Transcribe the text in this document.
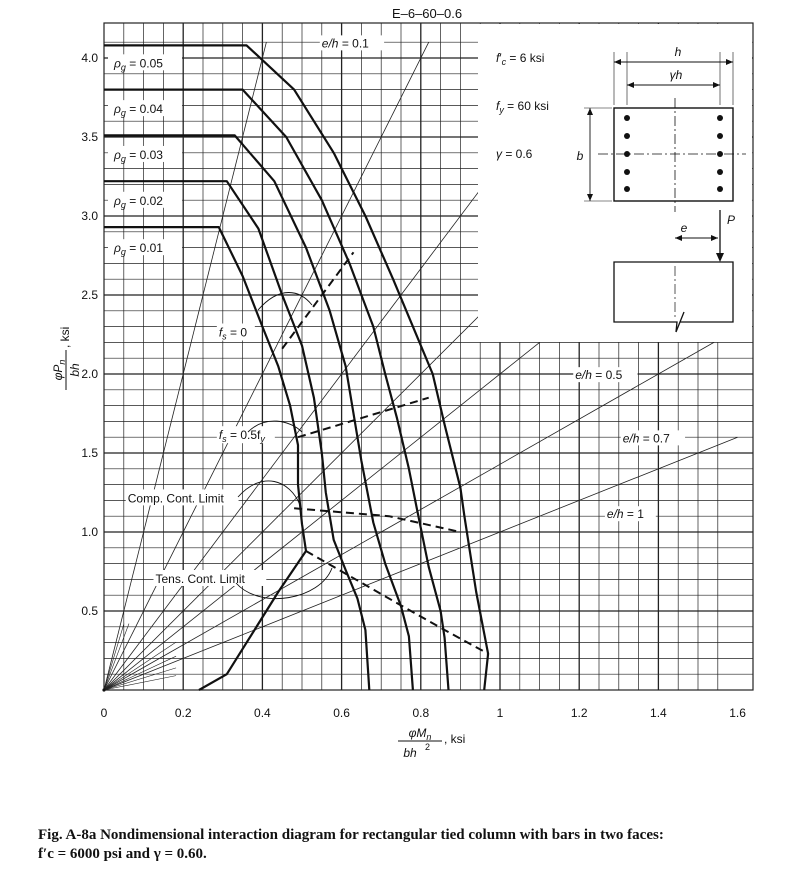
0	0.2	0.4	0.6	0.8	1	1.2	1.4	1.6
0.5
1.0
1.5
2.0
2.5
3.0
3.5
4.0
$\varphi M_n$
bh 2
, ksi
$\varphi P_n$
bh
, ksi
E–6–60–0.6
$\rho_g = 0.05$
$\rho_g = 0.04$
$\rho_g = 0.03$
$\rho_g = 0.02$
$\rho_g = 0.01$
e/h = 0.1
e/h = 0.5
e/h = 0.7
e/h = 1
$f_s = 0$
$f_s = 0.5f_y$
Comp. Cont. Limit
Tens. Cont. Limit
$f'_c = 6$ ksi
$f_y = 60$ ksi
γ = 0.6
h
γh
b
e
P
Fig. A-8a Nondimensional interaction diagram for rectangular tied column with bars in two faces:
f′c = 6000 psi and γ = 0.60.
